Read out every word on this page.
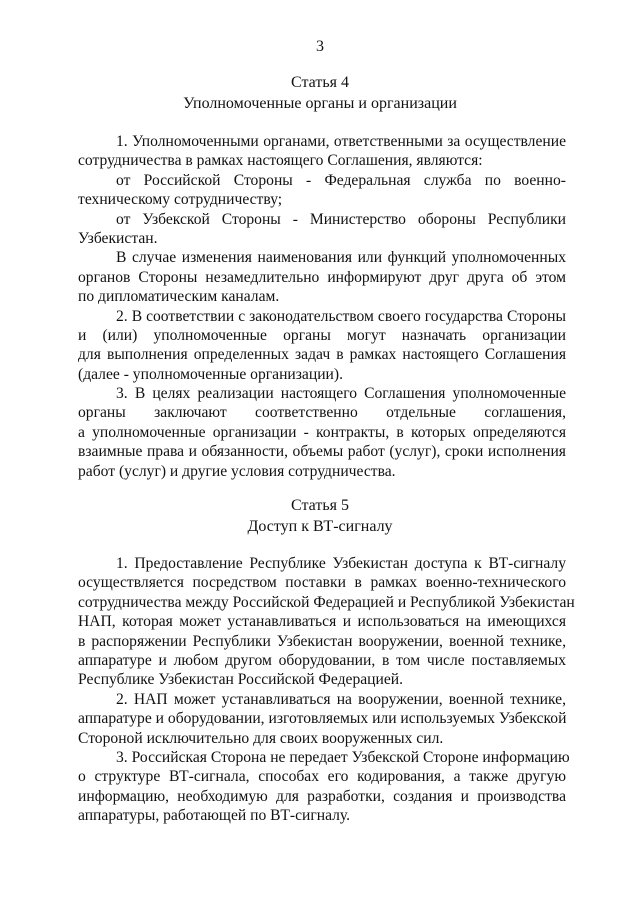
3
Статья 4
Уполномоченные органы и организации
1. Уполномоченными органами, ответственными за осуществление
сотрудничества в рамках настоящего Соглашения, являются:
от Российской Стороны - Федеральная служба по военно-
техническому сотрудничеству;
от Узбекской Стороны - Министерство обороны Республики
Узбекистан.
В случае изменения наименования или функций уполномоченных
органов Стороны незамедлительно информируют друг друга об этом
по дипломатическим каналам.
2. В соответствии с законодательством своего государства Стороны
и (или) уполномоченные органы могут назначать организации
для выполнения определенных задач в рамках настоящего Соглашения
(далее - уполномоченные организации).
3. В целях реализации настоящего Соглашения уполномоченные
органы заключают соответственно отдельные соглашения,
а уполномоченные организации - контракты, в которых определяются
взаимные права и обязанности, объемы работ (услуг), сроки исполнения
работ (услуг) и другие условия сотрудничества.
Статья 5
Доступ к ВТ-сигналу
1. Предоставление Республике Узбекистан доступа к ВТ-сигналу
осуществляется посредством поставки в рамках военно-технического
сотрудничества между Российской Федерацией и Республикой Узбекистан
НАП, которая может устанавливаться и использоваться на имеющихся
в распоряжении Республики Узбекистан вооружении, военной технике,
аппаратуре и любом другом оборудовании, в том числе поставляемых
Республике Узбекистан Российской Федерацией.
2. НАП может устанавливаться на вооружении, военной технике,
аппаратуре и оборудовании, изготовляемых или используемых Узбекской
Стороной исключительно для своих вооруженных сил.
3. Российская Сторона не передает Узбекской Стороне информацию
о структуре ВТ-сигнала, способах его кодирования, а также другую
информацию, необходимую для разработки, создания и производства
аппаратуры, работающей по ВТ-сигналу.
